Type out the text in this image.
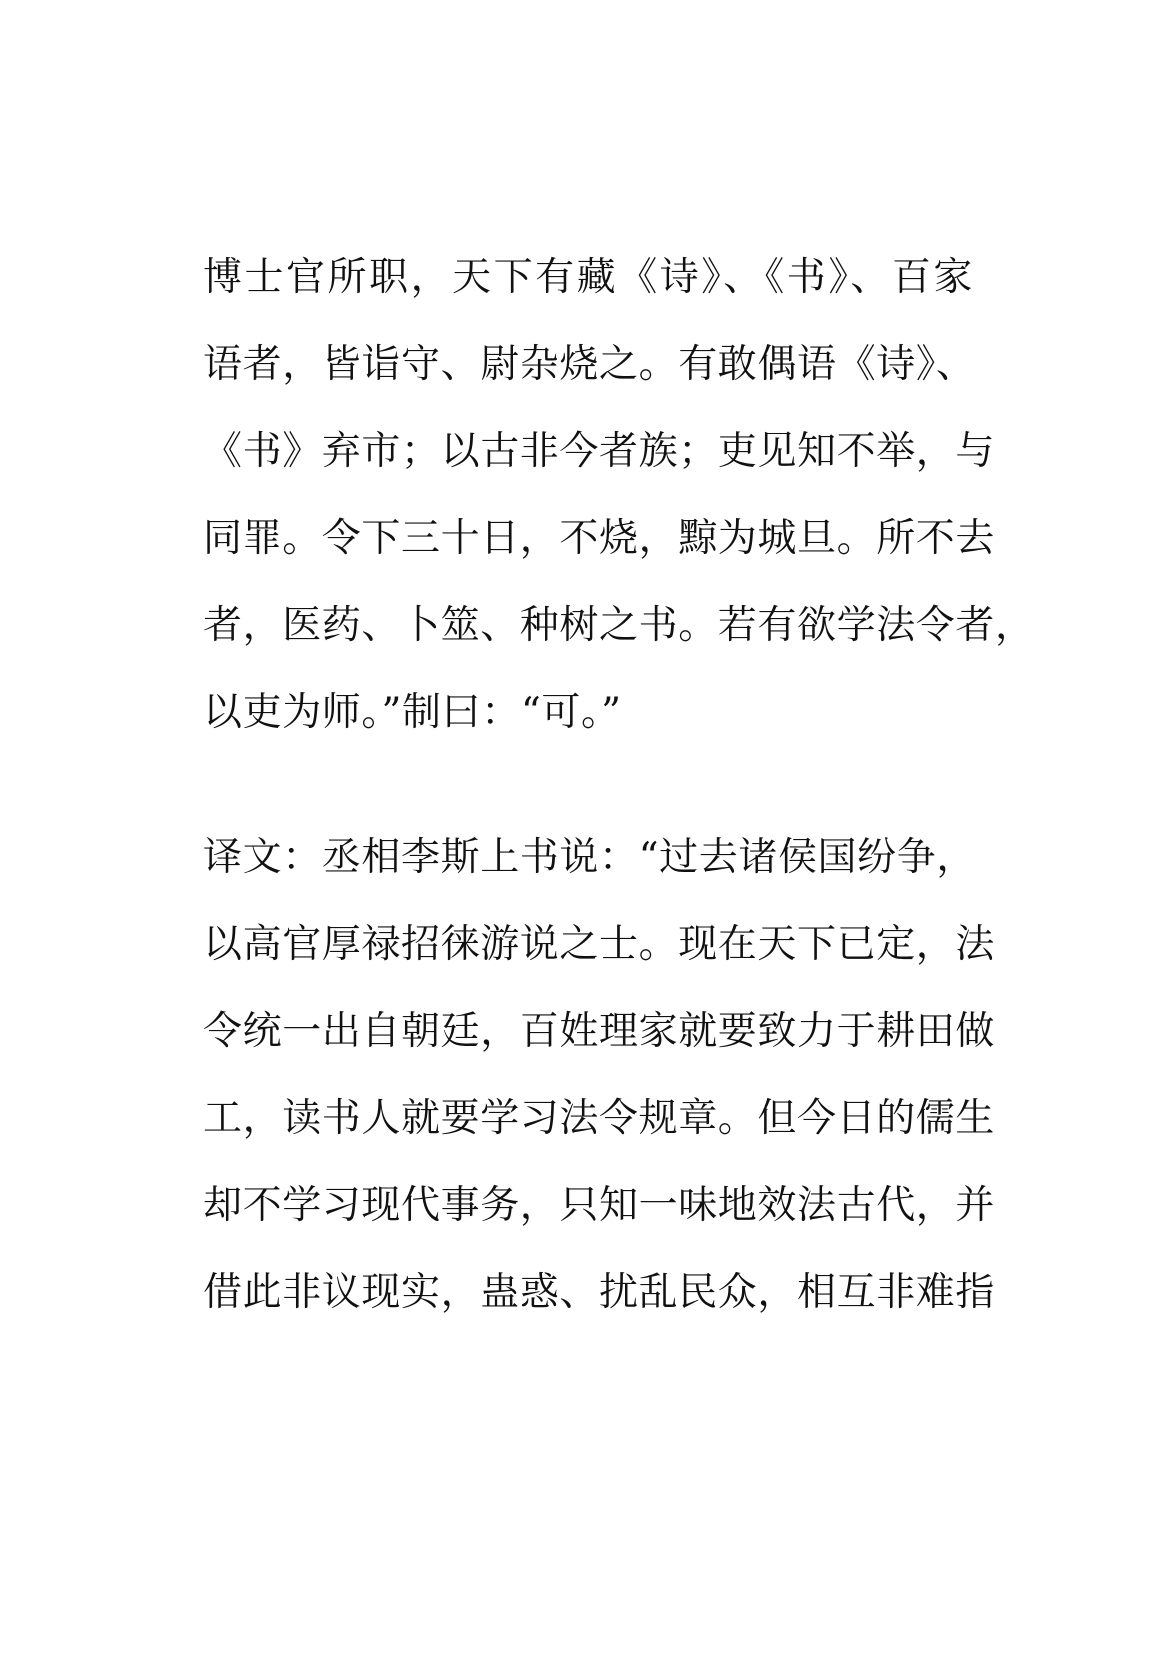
博士官所职，天下有藏《诗》、《书》、百家
语者，皆诣守、尉杂烧之。有敢偶语《诗》、
《书》弃市；以古非今者族；吏见知不举，与
同罪。令下三十日，不烧，黥为城旦。所不去
者，医药、卜筮、种树之书。若有欲学法令者，
以吏为师。”制曰：“可。”
译文：丞相李斯上书说：“过去诸侯国纷争，
以高官厚禄招徕游说之士。现在天下已定，法
令统一出自朝廷，百姓理家就要致力于耕田做
工，读书人就要学习法令规章。但今日的儒生
却不学习现代事务，只知一味地效法古代，并
借此非议现实，蛊惑、扰乱民众，相互非难指
